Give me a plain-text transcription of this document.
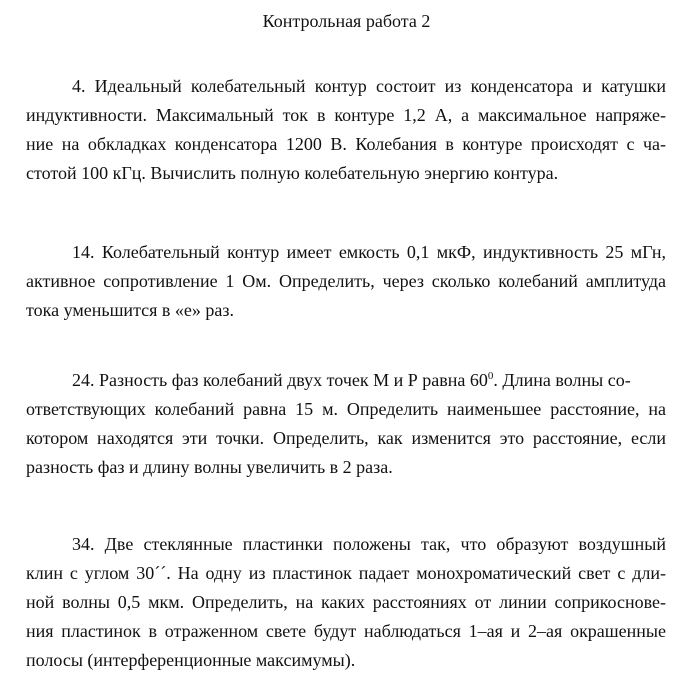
Контрольная работа 2
4. Идеальный колебательный контур состоит из конденсатора и катушки
индуктивности. Максимальный ток в контуре 1,2 А, а максимальное напряже-
ние на обкладках конденсатора 1200 В. Колебания в контуре происходят с ча-
стотой 100 кГц. Вычислить полную колебательную энергию контура.
14. Колебательный контур имеет емкость 0,1 мкФ, индуктивность 25 мГн,
активное сопротивление 1 Ом. Определить, через сколько колебаний амплитуда
тока уменьшится в «е» раз.
24. Разность фаз колебаний двух точек М и Р равна $60^0$. Длина волны со-
ответствующих колебаний равна 15 м. Определить наименьшее расстояние, на
котором находятся эти точки. Определить, как изменится это расстояние, если
разность фаз и длину волны увеличить в 2 раза.
34. Две стеклянные пластинки положены так, что образуют воздушный
клин с углом 30´´. На одну из пластинок падает монохроматический свет с дли-
ной волны 0,5 мкм. Определить, на каких расстояниях от линии соприкоснове-
ния пластинок в отраженном свете будут наблюдаться 1–ая и 2–ая окрашенные
полосы (интерференционные максимумы).
